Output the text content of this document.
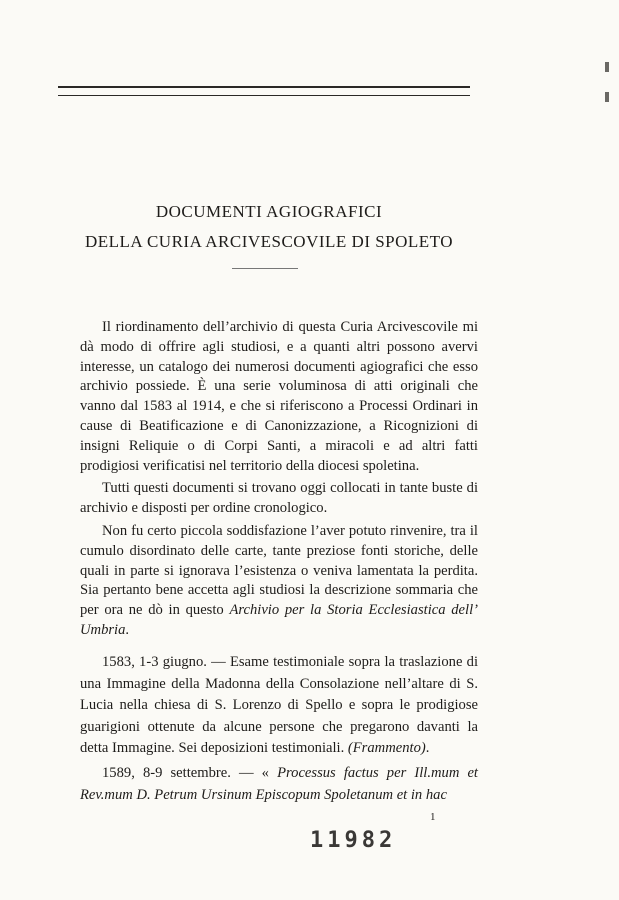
DOCUMENTI AGIOGRAFICI
DELLA CURIA ARCIVESCOVILE DI SPOLETO

Il riordinamento dell’archivio di questa Curia Arcivescovile mi dà modo di offrire agli studiosi, e a quanti altri possono avervi interesse, un catalogo dei numerosi documenti agiografici che esso archivio possiede. È una serie voluminosa di atti originali che vanno dal 1583 al 1914, e che si riferiscono a Processi Ordinari in cause di Beatificazione e di Canonizzazione, a Ricognizioni di insigni Reliquie o di Corpi Santi, a miracoli e ad altri fatti prodigiosi verificatisi nel territorio della diocesi spoletina.

Tutti questi documenti si trovano oggi collocati in tante buste di archivio e disposti per ordine cronologico.

Non fu certo piccola soddisfazione l’aver potuto rinvenire, tra il cumulo disordinato delle carte, tante preziose fonti storiche, delle quali in parte si ignorava l’esistenza o veniva lamentata la perdita. Sia pertanto bene accetta agli studiosi la descrizione sommaria che per ora ne dò in questo Archivio per la Storia Ecclesiastica dell’ Umbria.

1583, 1-3 giugno. — Esame testimoniale sopra la traslazione di una Immagine della Madonna della Consolazione nell’altare di S. Lucia nella chiesa di S. Lorenzo di Spello e sopra le prodigiose guarigioni ottenute da alcune persone che pregarono davanti la detta Immagine. Sei deposizioni testimoniali. (Frammento).

1589, 8-9 settembre. — « Processus factus per Ill.mum et Rev.mum D. Petrum Ursinum Episcopum Spoletanum et in hac

1
11982
